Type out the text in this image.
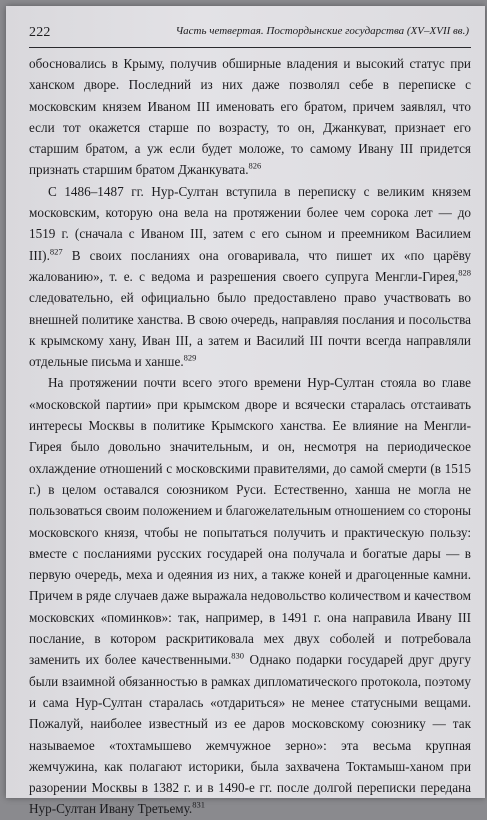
222	Часть четвертая. Постордынские государства (XV–XVII вв.)

обосновались в Крыму, получив обширные владения и высокий статус при ханском дворе. Последний из них даже позволял себе в переписке с московским князем Иваном III именовать его братом, причем заявлял, что если тот окажется старше по возрасту, то он, Джанкуват, признает его старшим братом, а уж если будет моложе, то самому Ивану III придется признать старшим братом Джанкувата.$^{826}$

С 1486–1487 гг. Нур-Султан вступила в переписку с великим князем московским, которую она вела на протяжении более чем сорока лет — до 1519 г. (сначала с Иваном III, затем с его сыном и преемником Василием III).$^{827}$ В своих посланиях она оговаривала, что пишет их «по царёву жалованию», т. е. с ведома и разрешения своего супруга Менгли-Гирея,$^{828}$ следовательно, ей официально было предоставлено право участвовать во внешней политике ханства. В свою очередь, направляя послания и посольства к крымскому хану, Иван III, а затем и Василий III почти всегда направляли отдельные письма и ханше.$^{829}$

На протяжении почти всего этого времени Нур-Султан стояла во главе «московской партии» при крымском дворе и всячески старалась отстаивать интересы Москвы в политике Крымского ханства. Ее влияние на Менгли-Гирея было довольно значительным, и он, несмотря на периодическое охлаждение отношений с московскими правителями, до самой смерти (в 1515 г.) в целом оставался союзником Руси. Естественно, ханша не могла не пользоваться своим положением и благожелательным отношением со стороны московского князя, чтобы не попытаться получить и практическую пользу: вместе с посланиями русских государей она получала и богатые дары — в первую очередь, меха и одеяния из них, а также коней и драгоценные камни. Причем в ряде случаев даже выражала недовольство количеством и качеством московских «поминков»: так, например, в 1491 г. она направила Ивану III послание, в котором раскритиковала мех двух соболей и потребовала заменить их более качественными.$^{830}$ Однако подарки государей друг другу были взаимной обязанностью в рамках дипломатического протокола, поэтому и сама Нур-Султан старалась «отдариться» не менее статусными вещами. Пожалуй, наиболее известный из ее даров московскому союзнику — так называемое «тохтамышево жемчужное зерно»: эта весьма крупная жемчужина, как полагают историки, была захвачена Токтамыш-ханом при разорении Москвы в 1382 г. и в 1490-е гг. после долгой переписки передана Нур-Султан Ивану Третьему.$^{831}$
